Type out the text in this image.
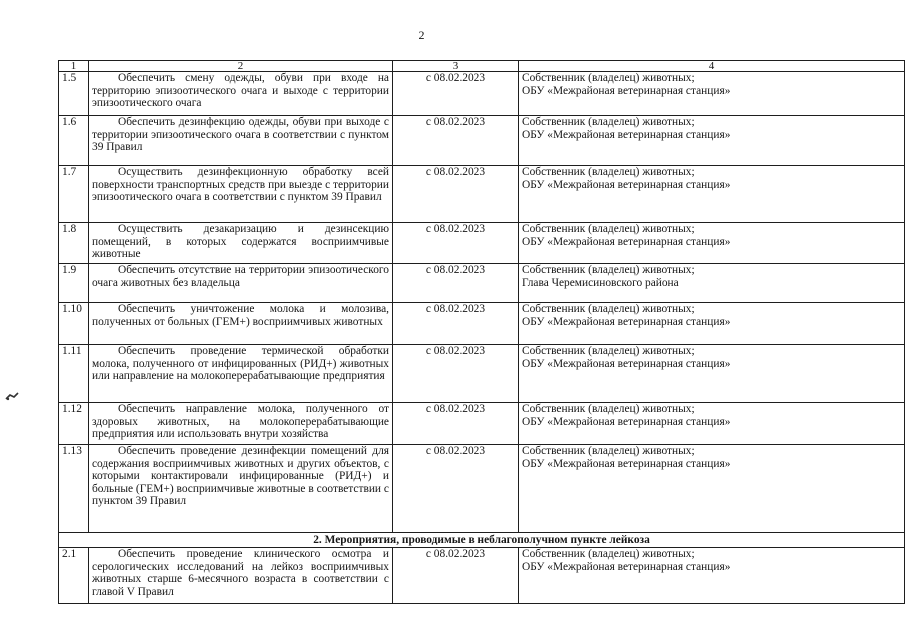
2
1	2	3	4
1.5	Обеспечить смену одежды, обуви при входе на территорию эпизоотического очага и выходе с территории эпизоотического очага	с 08.02.2023	Собственник (владелец) животных;
ОБУ «Межрайоная ветеринарная станция»

1.6	Обеспечить дезинфекцию одежды, обуви при выходе с территории эпизоотического очага в соответствии с пунктом 39 Правил	с 08.02.2023	Собственник (владелец) животных;
ОБУ «Межрайоная ветеринарная станция»

1.7	Осуществить дезинфекционную обработку всей поверхности транспортных средств при выезде с территории эпизоотического очага в соответствии с пунктом 39 Правил	с 08.02.2023	Собственник (владелец) животных;
ОБУ «Межрайоная ветеринарная станция»

1.8	Осуществить дезакаризацию и дезинсекцию помещений, в которых содержатся восприимчивые животные	с 08.02.2023	Собственник (владелец) животных;
ОБУ «Межрайоная ветеринарная станция»

1.9	Обеспечить отсутствие на территории эпизоотического очага животных без владельца	с 08.02.2023	Собственник (владелец) животных;
Глава Черемисиновского района

1.10	Обеспечить уничтожение молока и молозива, полученных от больных (ГЕМ+) восприимчивых животных	с 08.02.2023	Собственник (владелец) животных;
ОБУ «Межрайоная ветеринарная станция»

1.11	Обеспечить проведение термической обработки молока, полученного от инфицированных (РИД+) животных или направление на молокоперерабатывающие предприятия	с 08.02.2023	Собственник (владелец) животных;
ОБУ «Межрайоная ветеринарная станция»

1.12	Обеспечить направление молока, полученного от здоровых животных, на молокоперерабатывающие предприятия или использовать внутри хозяйства	с 08.02.2023	Собственник (владелец) животных;
ОБУ «Межрайоная ветеринарная станция»

1.13	Обеспечить проведение дезинфекции помещений для содержания восприимчивых животных и других объектов, с которыми контактировали инфицированные (РИД+) и больные (ГЕМ+) восприимчивые животные в соответствии с пунктом 39 Правил	с 08.02.2023	Собственник (владелец) животных;
ОБУ «Межрайоная ветеринарная станция»

2. Мероприятия, проводимые в неблагополучном пункте лейкоза			
2.1	Обеспечить проведение клинического осмотра и серологических исследований на лейкоз восприимчивых животных старше 6-месячного возраста в соответствии с главой V Правил	с 08.02.2023	Собственник (владелец) животных;
ОБУ «Межрайоная ветеринарная станция»
